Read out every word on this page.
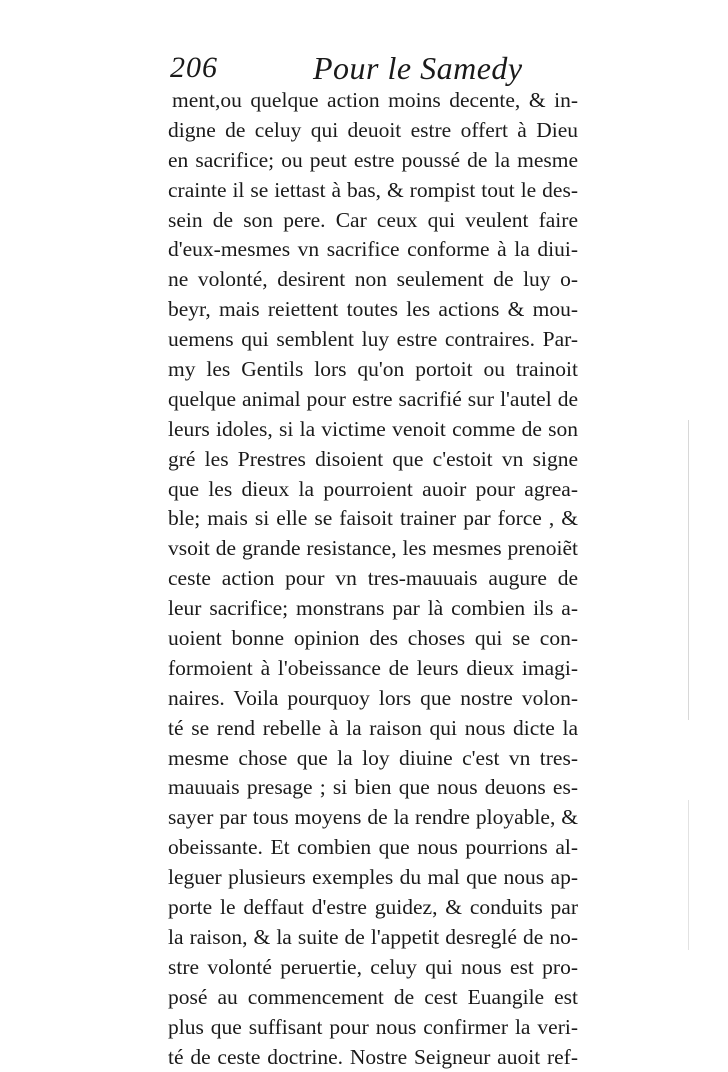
206	Pour le Samedy
ment,ou quelque action moins decente, & in-
digne de celuy qui deuoit estre offert à Dieu
en sacrifice; ou peut estre poussé de la mesme
crainte il se iettast à bas, & rompist tout le des-
sein de son pere. Car ceux qui veulent faire
d'eux-mesmes vn sacrifice conforme à la diui-
ne volonté, desirent non seulement de luy o-
beyr, mais reiettent toutes les actions & mou-
uemens qui semblent luy estre contraires. Par-
my les Gentils lors qu'on portoit ou trainoit
quelque animal pour estre sacrifié sur l'autel de
leurs idoles, si la victime venoit comme de son
gré les Prestres disoient que c'estoit vn signe
que les dieux la pourroient auoir pour agrea-
ble; mais si elle se faisoit trainer par force , &
vsoit de grande resistance, les mesmes prenoiẽt
ceste action pour vn tres-mauuais augure de
leur sacrifice; monstrans par là combien ils a-
uoient bonne opinion des choses qui se con-
formoient à l'obeissance de leurs dieux imagi-
naires. Voila pourquoy lors que nostre volon-
té se rend rebelle à la raison qui nous dicte la
mesme chose que la loy diuine c'est vn tres-
mauuais presage ; si bien que nous deuons es-
sayer par tous moyens de la rendre ployable, &
obeissante. Et combien que nous pourrions al-
leguer plusieurs exemples du mal que nous ap-
porte le deffaut d'estre guidez, & conduits par
la raison, & la suite de l'appetit desreglé de no-
stre volonté peruertie, celuy qui nous est pro-
posé au commencement de cest Euangile est
plus que suffisant pour nous confirmer la veri-
té de ceste doctrine. Nostre Seigneur auoit ref-
